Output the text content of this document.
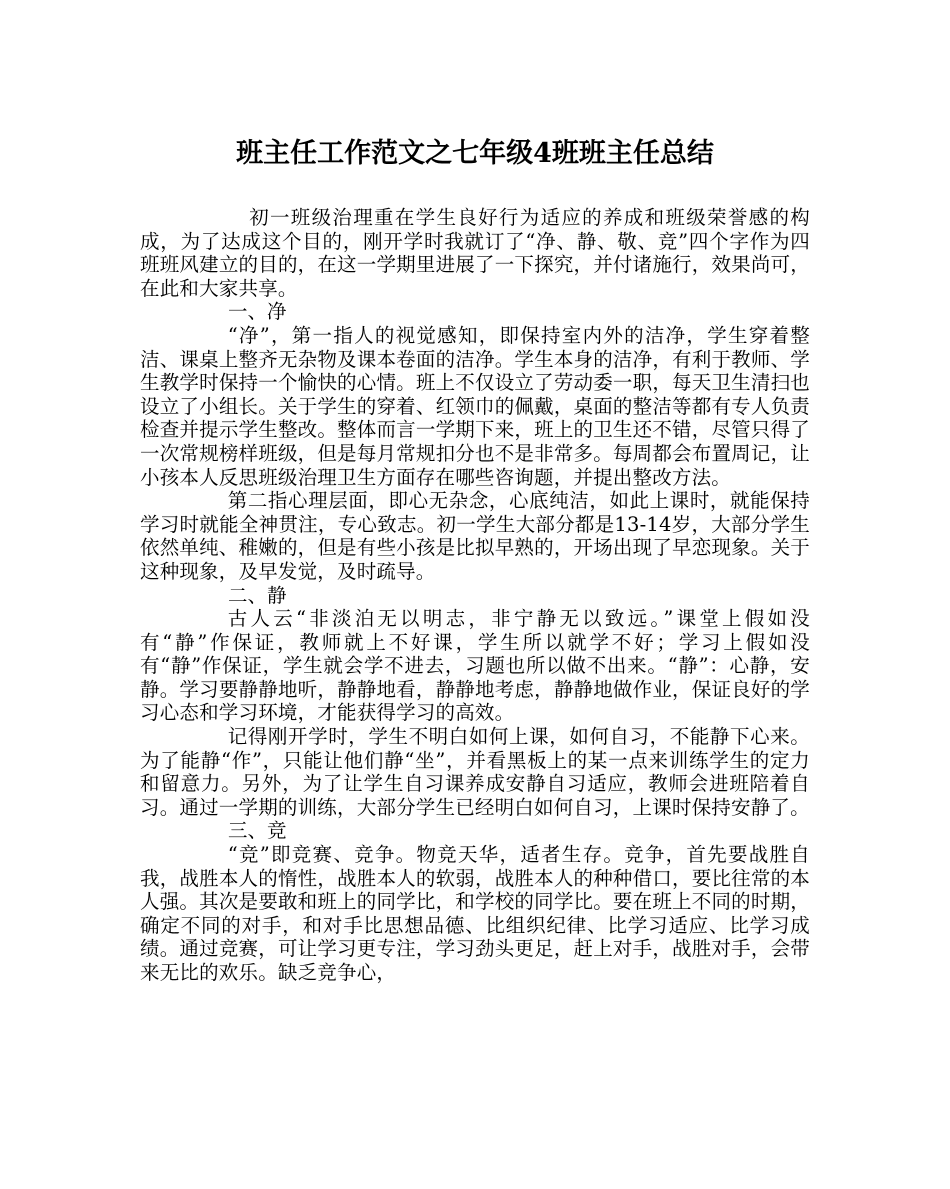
班主任工作范文之七年级4班班主任总结

初一班级治理重在学生良好行为适应的养成和班级荣誉感的构成，为了达成这个目的，刚开学时我就订了“净、静、敬、竞”四个字作为四班班风建立的目的，在这一学期里进展了一下探究，并付诸施行，效果尚可，在此和大家共享。

一、净

“净”，第一指人的视觉感知，即保持室内外的洁净，学生穿着整洁、课桌上整齐无杂物及课本卷面的洁净。学生本身的洁净，有利于教师、学生教学时保持一个愉快的心情。班上不仅设立了劳动委一职，每天卫生清扫也设立了小组长。关于学生的穿着、红领巾的佩戴，桌面的整洁等都有专人负责检查并提示学生整改。整体而言一学期下来，班上的卫生还不错，尽管只得了一次常规榜样班级，但是每月常规扣分也不是非常多。每周都会布置周记，让小孩本人反思班级治理卫生方面存在哪些咨询题，并提出整改方法。

第二指心理层面，即心无杂念，心底纯洁，如此上课时，就能保持学习时就能全神贯注，专心致志。初一学生大部分都是13-14岁，大部分学生依然单纯、稚嫩的，但是有些小孩是比拟早熟的，开场出现了早恋现象。关于这种现象，及早发觉，及时疏导。

二、静

古人云“非淡泊无以明志，非宁静无以致远。”课堂上假如没有“静”作保证，教师就上不好课，学生所以就学不好；学习上假如没有“静”作保证，学生就会学不进去，习题也所以做不出来。“静”：心静，安静。学习要静静地听，静静地看，静静地考虑，静静地做作业，保证良好的学习心态和学习环境，才能获得学习的高效。

记得刚开学时，学生不明白如何上课，如何自习，不能静下心来。为了能静“作”，只能让他们静“坐”，并看黑板上的某一点来训练学生的定力和留意力。另外，为了让学生自习课养成安静自习适应，教师会进班陪着自习。通过一学期的训练，大部分学生已经明白如何自习，上课时保持安静了。

三、竞

“竞”即竞赛、竞争。物竞天华，适者生存。竞争，首先要战胜自我，战胜本人的惰性，战胜本人的软弱，战胜本人的种种借口，要比往常的本人强。其次是要敢和班上的同学比，和学校的同学比。要在班上不同的时期，确定不同的对手，和对手比思想品德、比组织纪律、比学习适应、比学习成绩。通过竞赛，可让学习更专注，学习劲头更足，赶上对手，战胜对手，会带来无比的欢乐。缺乏竞争心，
